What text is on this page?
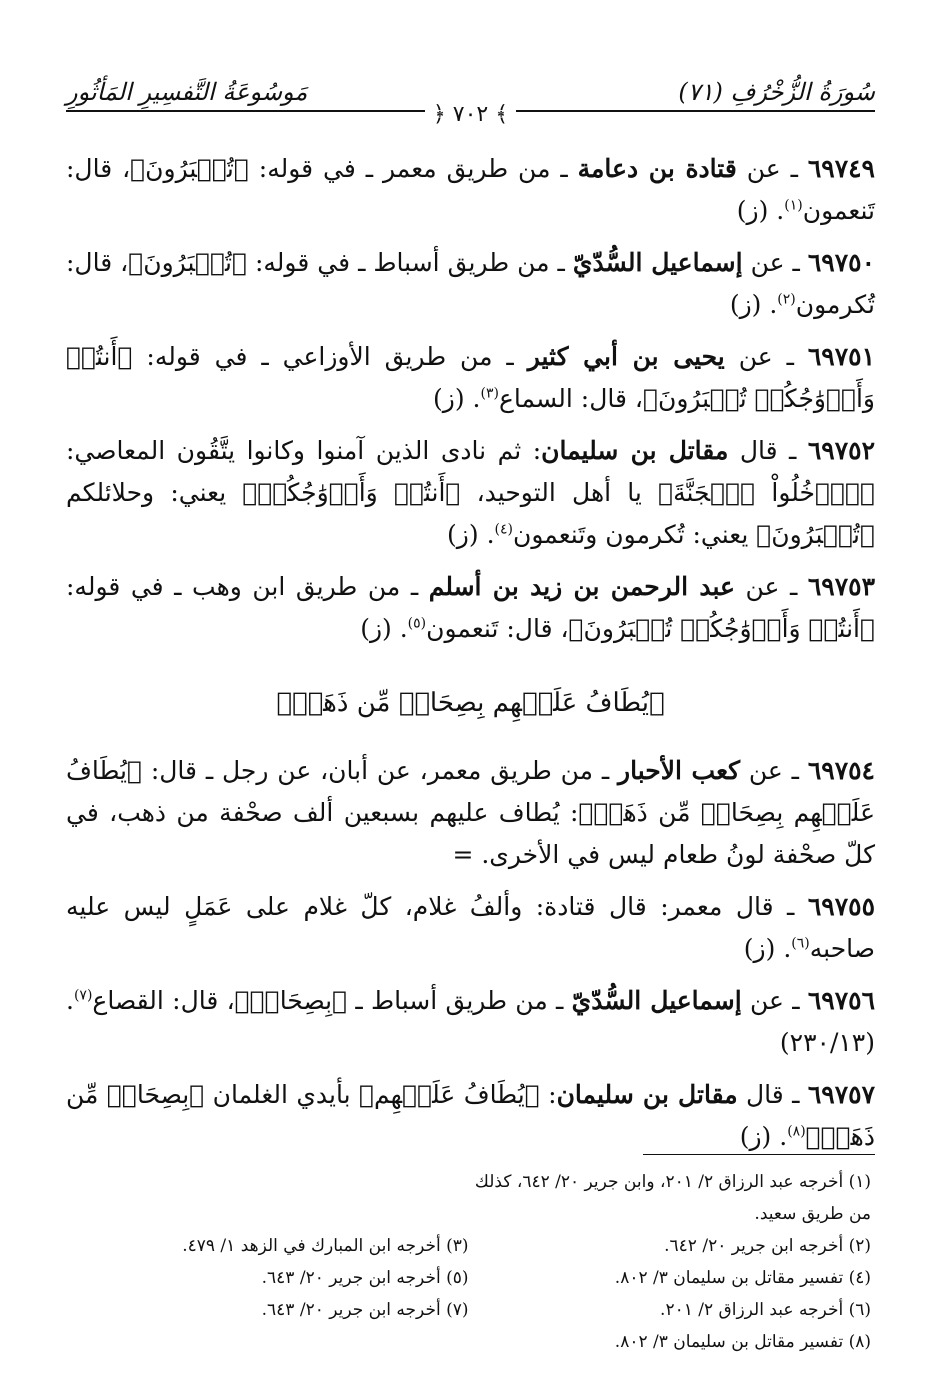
سُورَةُ الزُّخْرُفِ (٧١)
مَوسُوعَةُ التَّفسِيرِ المَأثُورِ
﴿ ٧٠٢ ﴾
٦٩٧٤٩ ـ عن قتادة بن دعامة ـ من طريق معمر ـ في قوله: ﴿تُحۡبَرُونَ﴾، قال: تَنعمون$^{(١)}$. (ز)
٦٩٧٥٠ ـ عن إسماعيل السُّدّيّ ـ من طريق أسباط ـ في قوله: ﴿تُحۡبَرُونَ﴾، قال: تُكرمون$^{(٢)}$. (ز)
٦٩٧٥١ ـ عن يحيى بن أبي كثير ـ من طريق الأوزاعي ـ في قوله: ﴿أَنتُمۡ وَأَزۡوَٰجُكُمۡ تُحۡبَرُونَ﴾، قال: السماع$^{(٣)}$. (ز)
٦٩٧٥٢ ـ قال مقاتل بن سليمان: ثم نادى الذين آمنوا وكانوا يتَّقُون المعاصي: ﴿ٱدۡخُلُواْ ٱلۡجَنَّةَ﴾ يا أهل التوحيد، ﴿أَنتُمۡ وَأَزۡوَٰجُكُمۡ﴾ يعني: وحلائلكم ﴿تُحۡبَرُونَ﴾ يعني: تُكرمون وتَنعمون$^{(٤)}$. (ز)
٦٩٧٥٣ ـ عن عبد الرحمن بن زيد بن أسلم ـ من طريق ابن وهب ـ في قوله: ﴿أَنتُمۡ وَأَزۡوَٰجُكُمۡ تُحۡبَرُونَ﴾، قال: تَنعمون$^{(٥)}$. (ز)
﴿يُطَافُ عَلَيۡهِم بِصِحَافٖ مِّن ذَهَبٖ﴾
٦٩٧٥٤ ـ عن كعب الأحبار ـ من طريق معمر، عن أبان، عن رجل ـ قال: ﴿يُطَافُ عَلَيۡهِم بِصِحَافٖ مِّن ذَهَبٖ﴾: يُطاف عليهم بسبعين ألف صحْفة من ذهب، في كلّ صحْفة لونُ طعام ليس في الأخرى. =
٦٩٧٥٥ ـ قال معمر: قال قتادة: وألفُ غلام، كلّ غلام على عَمَلٍ ليس عليه صاحبه$^{(٦)}$. (ز)
٦٩٧٥٦ ـ عن إسماعيل السُّدّيّ ـ من طريق أسباط ـ ﴿بِصِحَافٖ﴾، قال: القصاع$^{(٧)}$. (٢٣٠/١٣)
٦٩٧٥٧ ـ قال مقاتل بن سليمان: ﴿يُطَافُ عَلَيۡهِم﴾ بأيدي الغلمان ﴿بِصِحَافٖ مِّن ذَهَبٖ﴾$^{(٨)}$. (ز)
(١) أخرجه عبد الرزاق ٢/ ٢٠١، وابن جرير ٢٠/ ٦٤٢، كذلك من طريق سعيد.
(٢) أخرجه ابن جرير ٢٠/ ٦٤٢.
(٣) أخرجه ابن المبارك في الزهد ١/ ٤٧٩.
(٤) تفسير مقاتل بن سليمان ٣/ ٨٠٢.
(٥) أخرجه ابن جرير ٢٠/ ٦٤٣.
(٦) أخرجه عبد الرزاق ٢/ ٢٠١.
(٧) أخرجه ابن جرير ٢٠/ ٦٤٣.
(٨) تفسير مقاتل بن سليمان ٣/ ٨٠٢.
